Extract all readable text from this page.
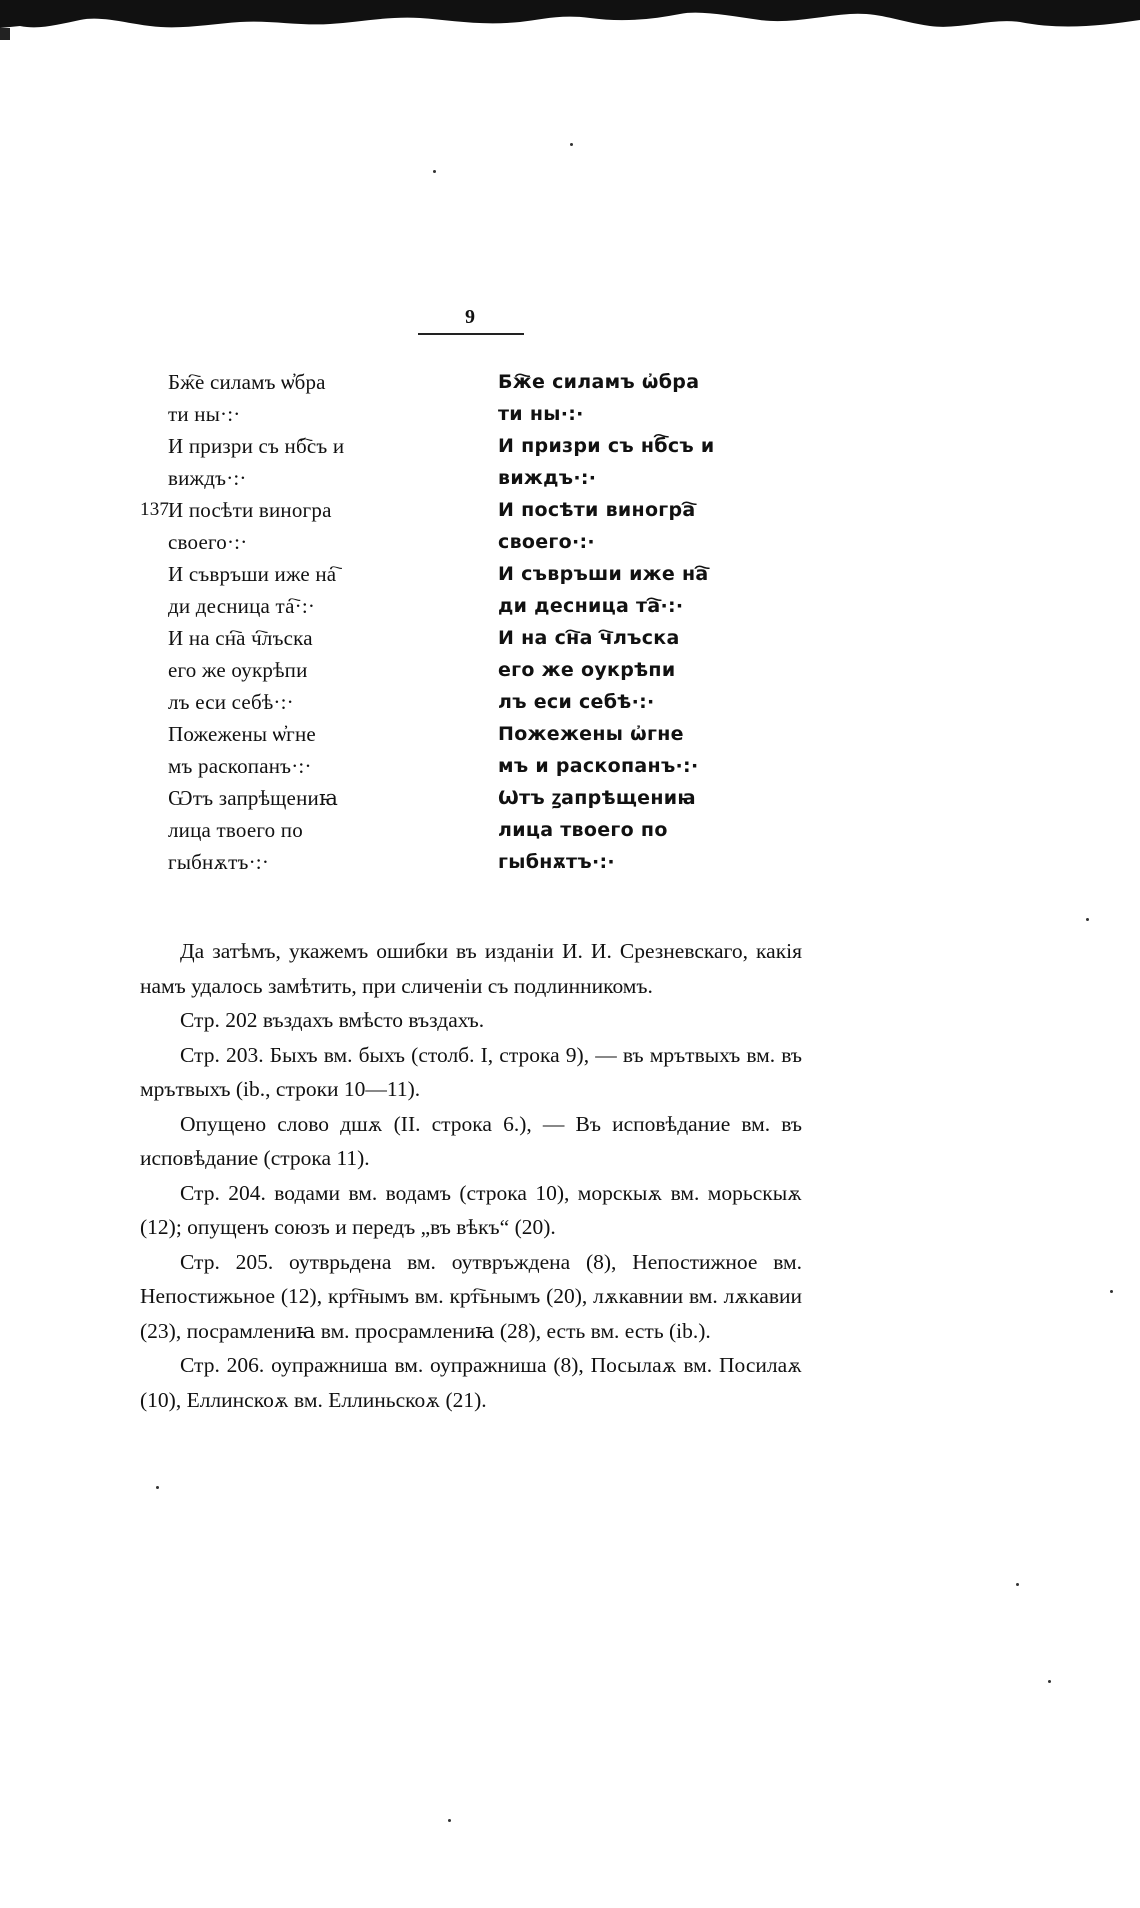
9
Бж҇е силамъ ѡ҆бра
ти ны·:·
И призри съ нб҇съ и
виждъ·:·
137
И посѣти виногра
своего·:·
И съвръши иже на҇
ди десница та҇·:·
И на сн҇а ч҇лъска
его же оукрѣпи
лъ еси себѣ·:·
Пожежены ѡ҆гне
мъ раскопанъ·:·
Ѡтъ запрѣщениꙗ
лица твоего по
гыбнѫтъ·:·
Бж҇е силамъ ѡ҆бра
ти ны·:·
И призри съ нб҇съ и
виждъ·:·
И посѣти виногра҇
своего·:·
И съвръши иже на҇
ди десница та҇·:·
И на сн҇а ч҇лъска
его же оукрѣпи
лъ еси себѣ·:·
Пожежены ѡ҆гне
мъ и раскопанъ·:·
Ѡтъ ꙁапрѣщениꙗ
лица твоего по
гыбнѫтъ·:·

Да затѣмъ, укажемъ ошибки въ изданіи И. И. Срезневскаго, какія намъ удалось замѣтить, при сличеніи съ подлинникомъ.

Стр. 202 въздахъ вмѣсто въздахъ.

Стр. 203. Быхъ вм. быхъ (столб. I, строка 9), — въ мрътвыхъ вм. въ мрътвыхъ (ib., строки 10—11).

Опущено слово дшѫ (II. строка 6.), — Въ исповѣдание вм. въ исповѣдание (строка 11).

Стр. 204. водами вм. водамъ (строка 10), морскыѫ вм. морьскыѫ (12); опущенъ союзъ и передъ „въ вѣкъ“ (20).

Стр. 205. оутврьдена вм. оутвръждена (8), Непостижное вм. Непостижьное (12), крт҇нымъ вм. крт҇ьнымъ (20), лѫкавнии вм. лѫкавии (23), посрамлениꙗ вм. просрамлениꙗ (28), есть вм. есть (ib.).

Стр. 206. оупражниша вм. оупражниша (8), Посылаѫ вм. Посилаѫ (10), Еллинскоѫ вм. Еллиньскоѫ (21).
